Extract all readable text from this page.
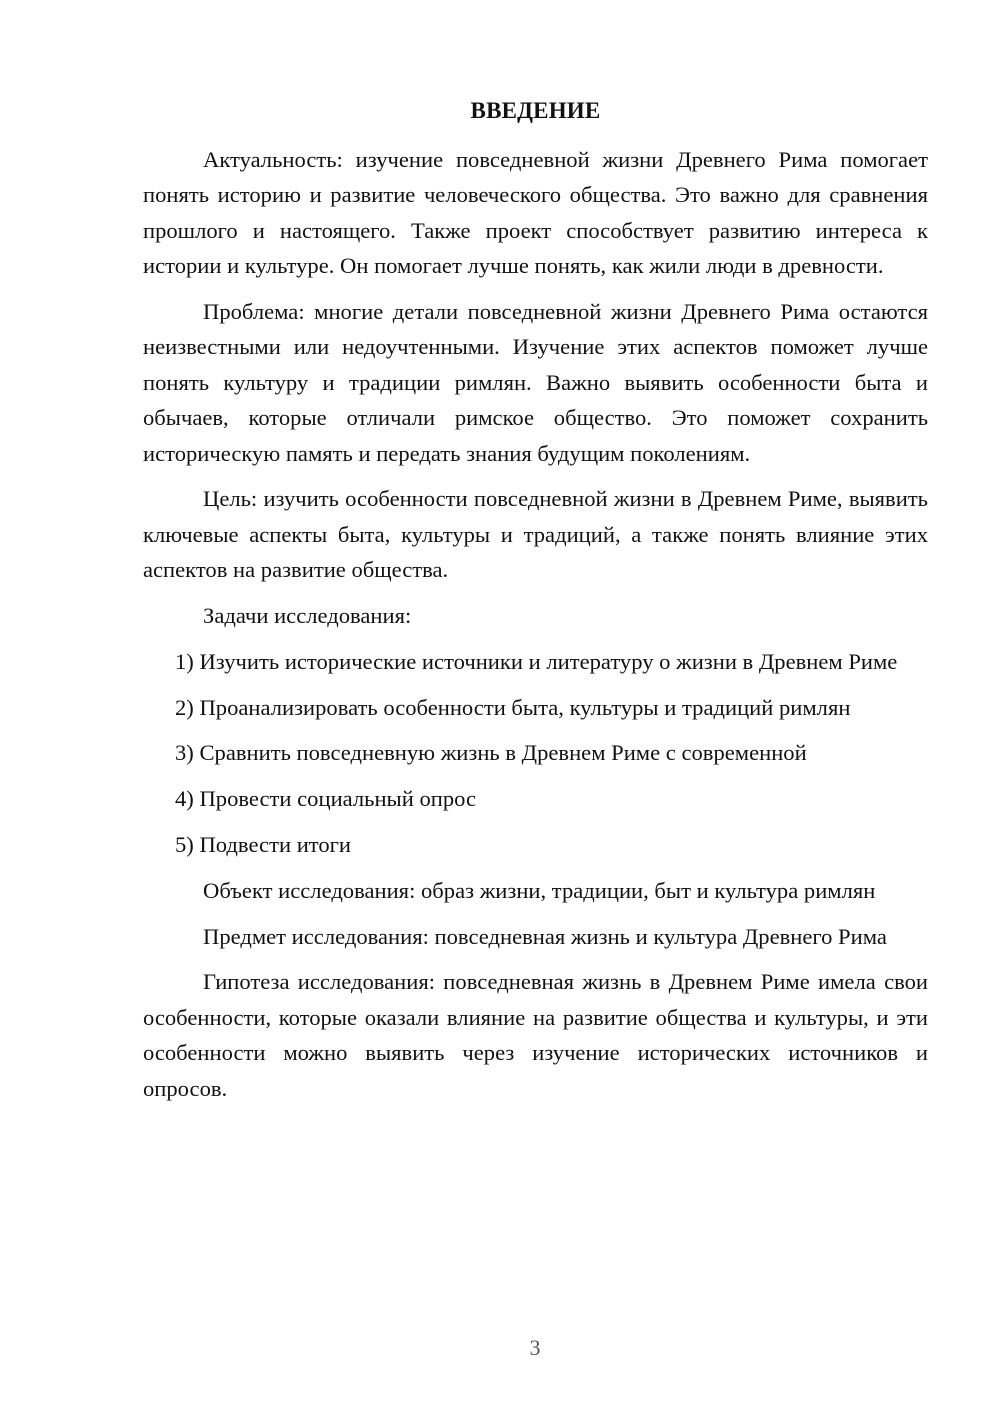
ВВЕДЕНИЕ

Актуальность: изучение повседневной жизни Древнего Рима помогает понять историю и развитие человеческого общества. Это важно для сравнения прошлого и настоящего. Также проект способствует развитию интереса к истории и культуре. Он помогает лучше понять, как жили люди в древности.

Проблема: многие детали повседневной жизни Древнего Рима остаются неизвестными или недоучтенными. Изучение этих аспектов поможет лучше понять культуру и традиции римлян. Важно выявить особенности быта и обычаев, которые отличали римское общество. Это поможет сохранить историческую память и передать знания будущим поколениям.

Цель: изучить особенности повседневной жизни в Древнем Риме, выявить ключевые аспекты быта, культуры и традиций, а также понять влияние этих аспектов на развитие общества.

Задачи исследования:

1) Изучить исторические источники и литературу о жизни в Древнем Риме

2) Проанализировать особенности быта, культуры и традиций римлян

3) Сравнить повседневную жизнь в Древнем Риме с современной

4) Провести социальный опрос

5) Подвести итоги

Объект исследования: образ жизни, традиции, быт и культура римлян

Предмет исследования: повседневная жизнь и культура Древнего Рима

Гипотеза исследования: повседневная жизнь в Древнем Риме имела свои особенности, которые оказали влияние на развитие общества и культуры, и эти особенности можно выявить через изучение исторических источников и опросов.

3
